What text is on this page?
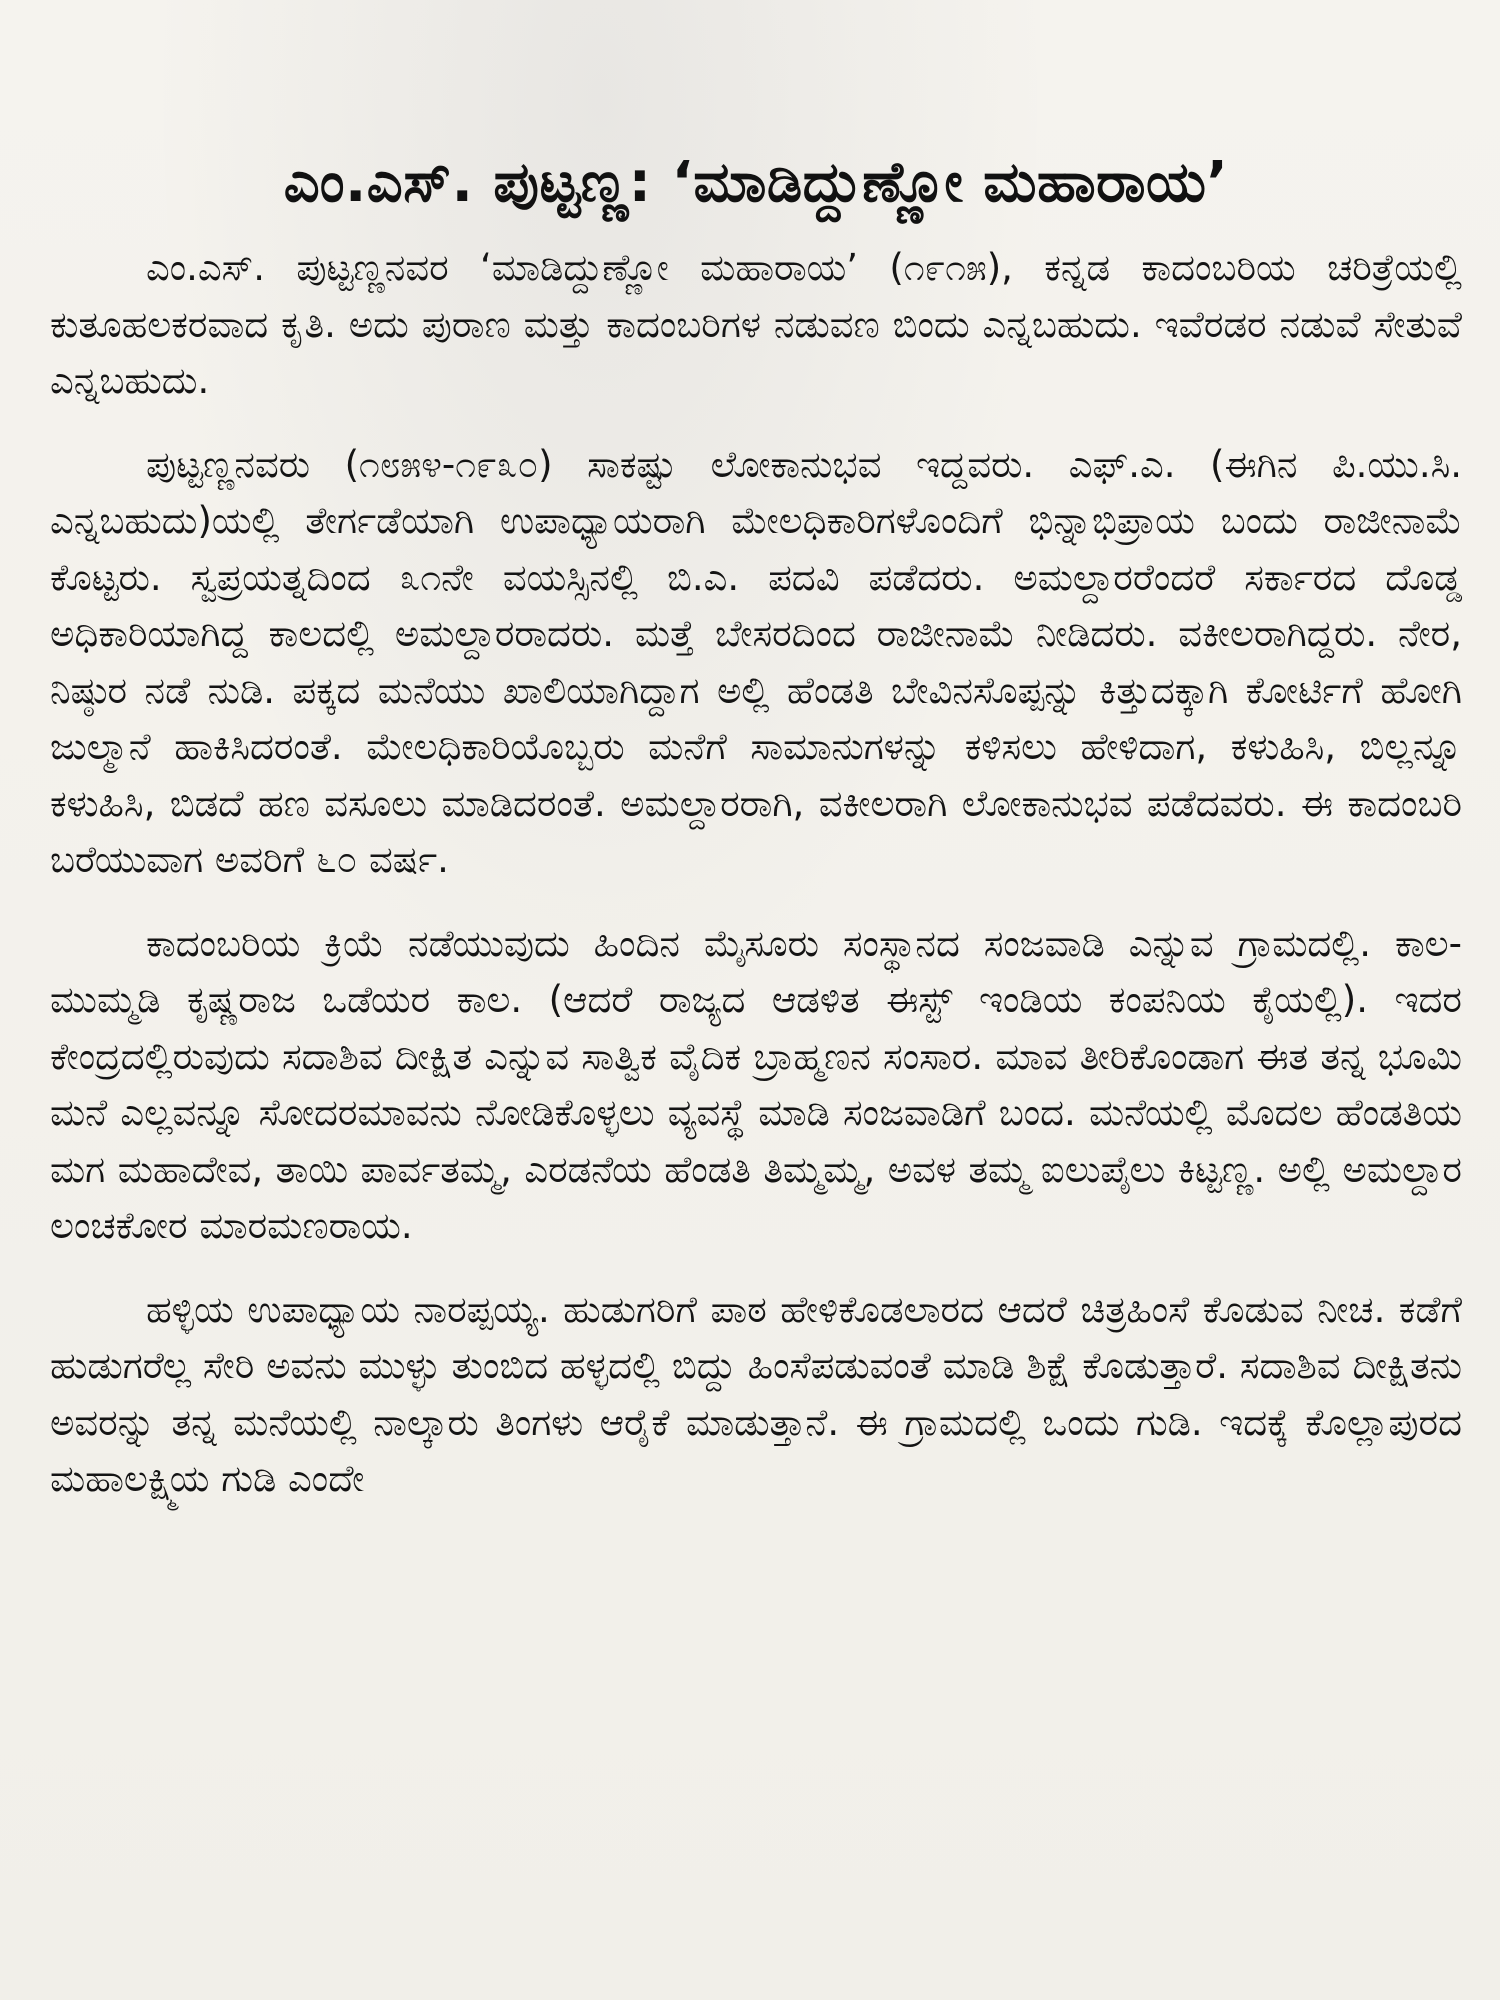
ಎಂ.ಎಸ್. ಪುಟ್ಟಣ್ಣ: ‘ಮಾಡಿದ್ದುಣ್ಣೋ ಮಹಾರಾಯ’

ಎಂ.ಎಸ್. ಪುಟ್ಟಣ್ಣನವರ ‘ಮಾಡಿದ್ದುಣ್ಣೋ ಮಹಾರಾಯ’ (೧೯೧೫), ಕನ್ನಡ ಕಾದಂಬರಿಯ ಚರಿತ್ರೆಯಲ್ಲಿ ಕುತೂಹಲಕರವಾದ ಕೃತಿ. ಅದು ಪುರಾಣ ಮತ್ತು ಕಾದಂಬರಿಗಳ ನಡುವಣ ಬಿಂದು ಎನ್ನಬಹುದು. ಇವೆರಡರ ನಡುವೆ ಸೇತುವೆ ಎನ್ನಬಹುದು.

ಪುಟ್ಟಣ್ಣನವರು (೧೮೫೪-೧೯೩೦) ಸಾಕಷ್ಟು ಲೋಕಾನುಭವ ಇದ್ದವರು. ಎಫ್.ಎ. (ಈಗಿನ ಪಿ.ಯು.ಸಿ. ಎನ್ನಬಹುದು)ಯಲ್ಲಿ ತೇರ್ಗಡೆಯಾಗಿ ಉಪಾಧ್ಯಾಯರಾಗಿ ಮೇಲಧಿಕಾರಿಗಳೊಂದಿಗೆ ಭಿನ್ನಾಭಿಪ್ರಾಯ ಬಂದು ರಾಜೀನಾಮೆ ಕೊಟ್ಟರು. ಸ್ವಪ್ರಯತ್ನದಿಂದ ೩೧ನೇ ವಯಸ್ಸಿನಲ್ಲಿ ಬಿ.ಎ. ಪದವಿ ಪಡೆದರು. ಅಮಲ್ದಾರರೆಂದರೆ ಸರ್ಕಾರದ ದೊಡ್ಡ ಅಧಿಕಾರಿಯಾಗಿದ್ದ ಕಾಲದಲ್ಲಿ ಅಮಲ್ದಾರರಾದರು. ಮತ್ತೆ ಬೇಸರದಿಂದ ರಾಜೀನಾಮೆ ನೀಡಿದರು. ವಕೀಲರಾಗಿದ್ದರು. ನೇರ, ನಿಷ್ಠುರ ನಡೆ ನುಡಿ. ಪಕ್ಕದ ಮನೆಯು ಖಾಲಿಯಾಗಿದ್ದಾಗ ಅಲ್ಲಿ ಹೆಂಡತಿ ಬೇವಿನಸೊಪ್ಪನ್ನು ಕಿತ್ತುದಕ್ಕಾಗಿ ಕೋರ್ಟಿಗೆ ಹೋಗಿ ಜುಲ್ಮಾನೆ ಹಾಕಿಸಿದರಂತೆ. ಮೇಲಧಿಕಾರಿಯೊಬ್ಬರು ಮನೆಗೆ ಸಾಮಾನುಗಳನ್ನು ಕಳಿಸಲು ಹೇಳಿದಾಗ, ಕಳುಹಿಸಿ, ಬಿಲ್ಲನ್ನೂ ಕಳುಹಿಸಿ, ಬಿಡದೆ ಹಣ ವಸೂಲು ಮಾಡಿದರಂತೆ. ಅಮಲ್ದಾರರಾಗಿ, ವಕೀಲರಾಗಿ ಲೋಕಾನುಭವ ಪಡೆದವರು. ಈ ಕಾದಂಬರಿ ಬರೆಯುವಾಗ ಅವರಿಗೆ ೬೦ ವರ್ಷ.

ಕಾದಂಬರಿಯ ಕ್ರಿಯೆ ನಡೆಯುವುದು ಹಿಂದಿನ ಮೈಸೂರು ಸಂಸ್ಥಾನದ ಸಂಜವಾಡಿ ಎನ್ನುವ ಗ್ರಾಮದಲ್ಲಿ. ಕಾಲ-ಮುಮ್ಮಡಿ ಕೃಷ್ಣರಾಜ ಒಡೆಯರ ಕಾಲ. (ಆದರೆ ರಾಜ್ಯದ ಆಡಳಿತ ಈಸ್ಟ್ ಇಂಡಿಯ ಕಂಪನಿಯ ಕೈಯಲ್ಲಿ). ಇದರ ಕೇಂದ್ರದಲ್ಲಿರುವುದು ಸದಾಶಿವ ದೀಕ್ಷಿತ ಎನ್ನುವ ಸಾತ್ವಿಕ ವೈದಿಕ ಬ್ರಾಹ್ಮಣನ ಸಂಸಾರ. ಮಾವ ತೀರಿಕೊಂಡಾಗ ಈತ ತನ್ನ ಭೂಮಿ ಮನೆ ಎಲ್ಲವನ್ನೂ ಸೋದರಮಾವನು ನೋಡಿಕೊಳ್ಳಲು ವ್ಯವಸ್ಥೆ ಮಾಡಿ ಸಂಜವಾಡಿಗೆ ಬಂದ. ಮನೆಯಲ್ಲಿ ಮೊದಲ ಹೆಂಡತಿಯ ಮಗ ಮಹಾದೇವ, ತಾಯಿ ಪಾರ್ವತಮ್ಮ, ಎರಡನೆಯ ಹೆಂಡತಿ ತಿಮ್ಮಮ್ಮ, ಅವಳ ತಮ್ಮ ಐಲುಪೈಲು ಕಿಟ್ಟಣ್ಣ. ಅಲ್ಲಿ ಅಮಲ್ದಾರ ಲಂಚಕೋರ ಮಾರಮಣರಾಯ.

ಹಳ್ಳಿಯ ಉಪಾಧ್ಯಾಯ ನಾರಪ್ಪಯ್ಯ. ಹುಡುಗರಿಗೆ ಪಾಠ ಹೇಳಿಕೊಡಲಾರದ ಆದರೆ ಚಿತ್ರಹಿಂಸೆ ಕೊಡುವ ನೀಚ. ಕಡೆಗೆ ಹುಡುಗರೆಲ್ಲ ಸೇರಿ ಅವನು ಮುಳ್ಳು ತುಂಬಿದ ಹಳ್ಳದಲ್ಲಿ ಬಿದ್ದು ಹಿಂಸೆಪಡುವಂತೆ ಮಾಡಿ ಶಿಕ್ಷೆ ಕೊಡುತ್ತಾರೆ. ಸದಾಶಿವ ದೀಕ್ಷಿತನು ಅವರನ್ನು ತನ್ನ ಮನೆಯಲ್ಲಿ ನಾಲ್ಕಾರು ತಿಂಗಳು ಆರೈಕೆ ಮಾಡುತ್ತಾನೆ. ಈ ಗ್ರಾಮದಲ್ಲಿ ಒಂದು ಗುಡಿ. ಇದಕ್ಕೆ ಕೊಲ್ಲಾಪುರದ ಮಹಾಲಕ್ಷ್ಮಿಯ ಗುಡಿ ಎಂದೇ
